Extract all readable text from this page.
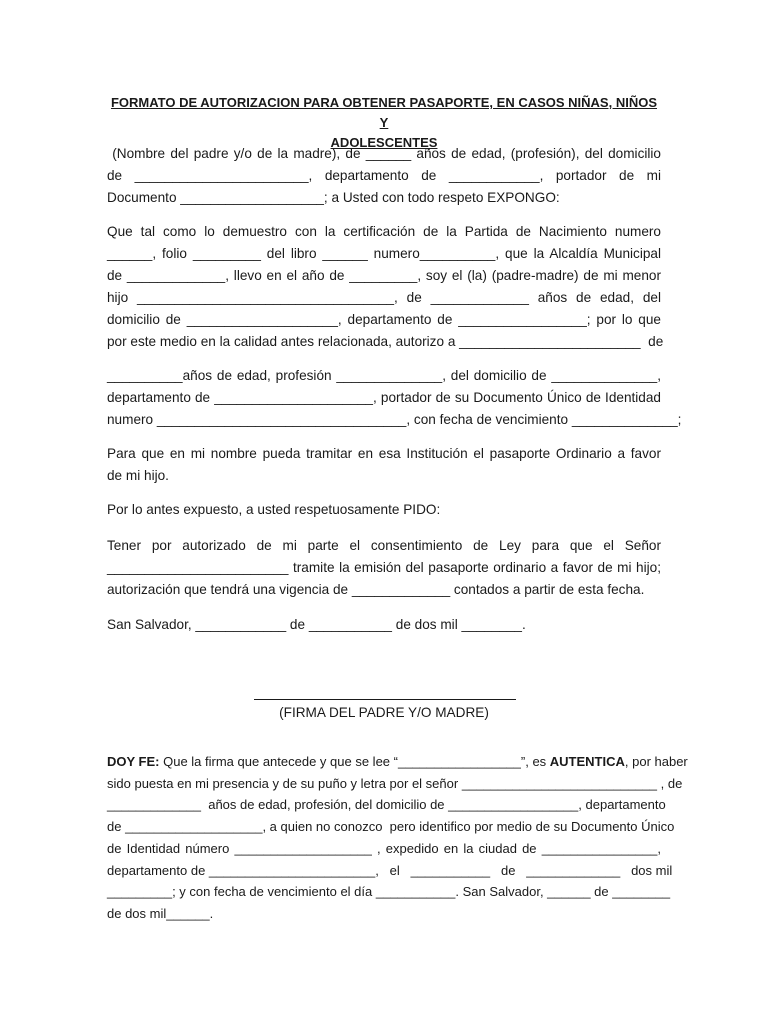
FORMATO DE AUTORIZACION PARA OBTENER PASAPORTE, EN CASOS NIÑAS, NIÑOS Y
ADOLESCENTES

(Nombre del padre y/o de la madre), de ______ años de edad, (profesión), del domicilio
de  _______________________,  departamento  de  ____________,  portador  de  mi
Documento ___________________; a Usted con todo respeto EXPONGO:

Que tal como lo demuestro con la certificación de la Partida de Nacimiento numero
______, folio _________ del libro ______ numero__________, que la Alcaldía Municipal
de _____________, llevo en el año de _________, soy el (la) (padre-madre) de mi menor
hijo  __________________________________,  de  _____________  años  de  edad,  del
domicilio de ____________________, departamento de _________________; por lo que
por este medio en la calidad antes relacionada, autorizo a ________________________  de

__________años de edad, profesión ______________, del domicilio de ______________,
departamento de _____________________, portador de su Documento Único de Identidad
numero _________________________________, con fecha de vencimiento ______________;

Para que en mi nombre pueda tramitar en esa Institución el pasaporte Ordinario a favor
de mi hijo.

Por lo antes expuesto, a usted respetuosamente PIDO:

Tener por autorizado de mi parte el consentimiento de Ley para que el Señor
________________________ tramite la emisión del pasaporte ordinario a favor de mi hijo;
autorización que tendrá una vigencia de _____________ contados a partir de esta fecha.

San Salvador, ____________ de ___________ de dos mil ________.

(FIRMA DEL PADRE Y/O MADRE)

DOY FE: Que la firma que antecede y que se lee “_________________”, es AUTENTICA, por haber
sido puesta en mi presencia y de su puño y letra por el señor ___________________________ , de
_____________  años de edad, profesión, del domicilio de __________________, departamento
de ___________________, a quien no conozco  pero identifico por medio de su Documento Único
de Identidad número ___________________ , expedido en la ciudad de ________________,
departamento de _______________________,   el   ___________   de   _____________   dos mil
_________; y con fecha de vencimiento el día ___________. San Salvador, ______ de ________
de dos mil______.
